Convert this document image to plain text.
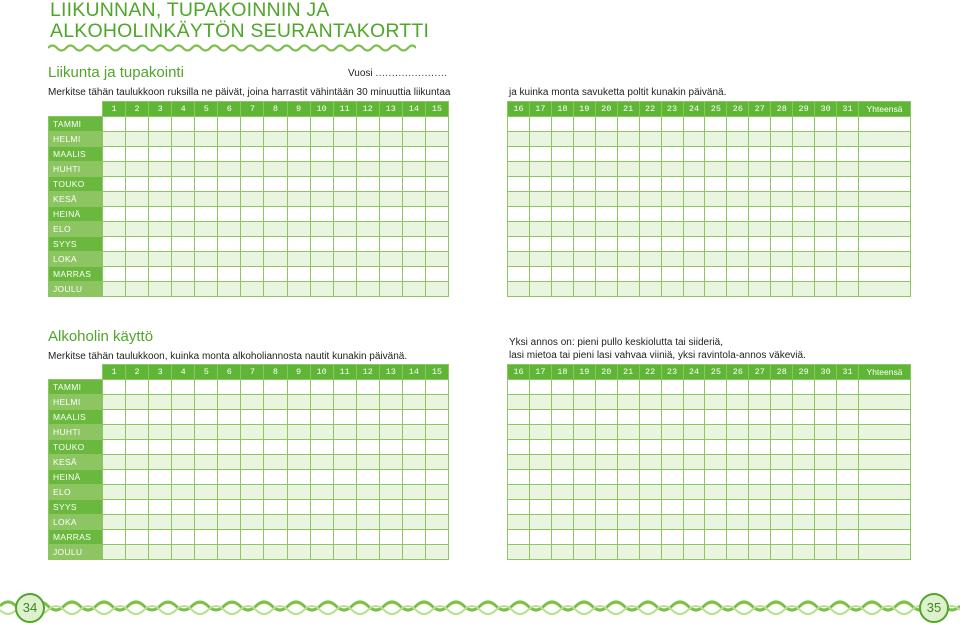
LIIKUNNAN, TUPAKOINNIN JA
ALKOHOLINKÄYTÖN SEURANTAKORTTI
Liikunta ja tupakointi	Vuosi ......................
Merkitse tähän taulukkoon ruksilla ne päivät, joina harrastit vähintään 30 minuuttia liikuntaa	ja kuinka monta savuketta poltit kunakin päivänä.
	1	2	3	4	5	6	7	8	9	10	11	12	13	14	15
TAMMI															
HELMI															
MAALIS															
HUHTI															
TOUKO															
KESÄ															
HEINÄ															
ELO															
SYYS															
LOKA															
MARRAS															
JOULU															
16	17	18	19	20	21	22	23	24	25	26	27	28	29	30	31	Yhteensä

Alkoholin käyttö
Merkitse tähän taulukkoon, kuinka monta alkoholiannosta nautit kunakin päivänä.
Yksi annos on: pieni pullo keskiolutta tai siideriä,
lasi mietoa tai pieni lasi vahvaa viiniä, yksi ravintola-annos väkeviä.
	1	2	3	4	5	6	7	8	9	10	11	12	13	14	15
TAMMI															
HELMI															
MAALIS															
HUHTI															
TOUKO															
KESÄ															
HEINÄ															
ELO															
SYYS															
LOKA															
MARRAS															
JOULU															
16	17	18	19	20	21	22	23	24	25	26	27	28	29	30	31	Yhteensä

34	35
